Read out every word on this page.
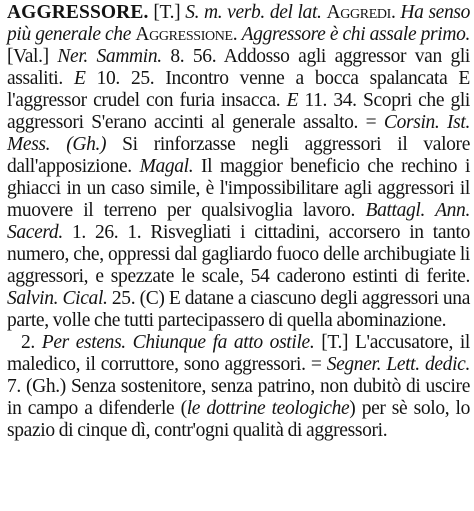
AGGRESSORE. [T.] S. m. verb. del lat. Aggredi. Ha senso più generale che Aggressione. Aggressore è chi assale primo. [Val.] Ner. Sammin. 8. 56. Addosso agli aggressor van gli assaliti. E 10. 25. Incontro venne a bocca spalancata E l'aggressor crudel con furia insacca. E 11. 34. Scopri che gli aggressori S'erano accinti al generale assalto. = Corsin. Ist. Mess. (Gh.) Si rinforzasse negli aggressori il valore dall'apposizione. Magal. Il maggior beneficio che rechino i ghiacci in un caso simile, è l'impossibilitare agli aggressori il muovere il terreno per qualsivoglia lavoro. Battagl. Ann. Sacerd. 1. 26. 1. Risvegliati i cittadini, accorsero in tanto numero, che, oppressi dal gagliardo fuoco delle archibugiate li aggressori, e spezzate le scale, 54 caderono estinti di ferite. Salvin. Cical. 25. (C) E datane a ciascuno degli aggressori una parte, volle che tutti partecipassero di quella abominazione.

2. Per estens. Chiunque fa atto ostile. [T.] L'accusatore, il maledico, il corruttore, sono aggressori. = Segner. Lett. dedic. 7. (Gh.) Senza sostenitore, senza patrino, non dubitò di uscire in campo a difenderle (le dottrine teologiche) per sè solo, lo spazio di cinque dì, contr'ogni qualità di aggressori.
